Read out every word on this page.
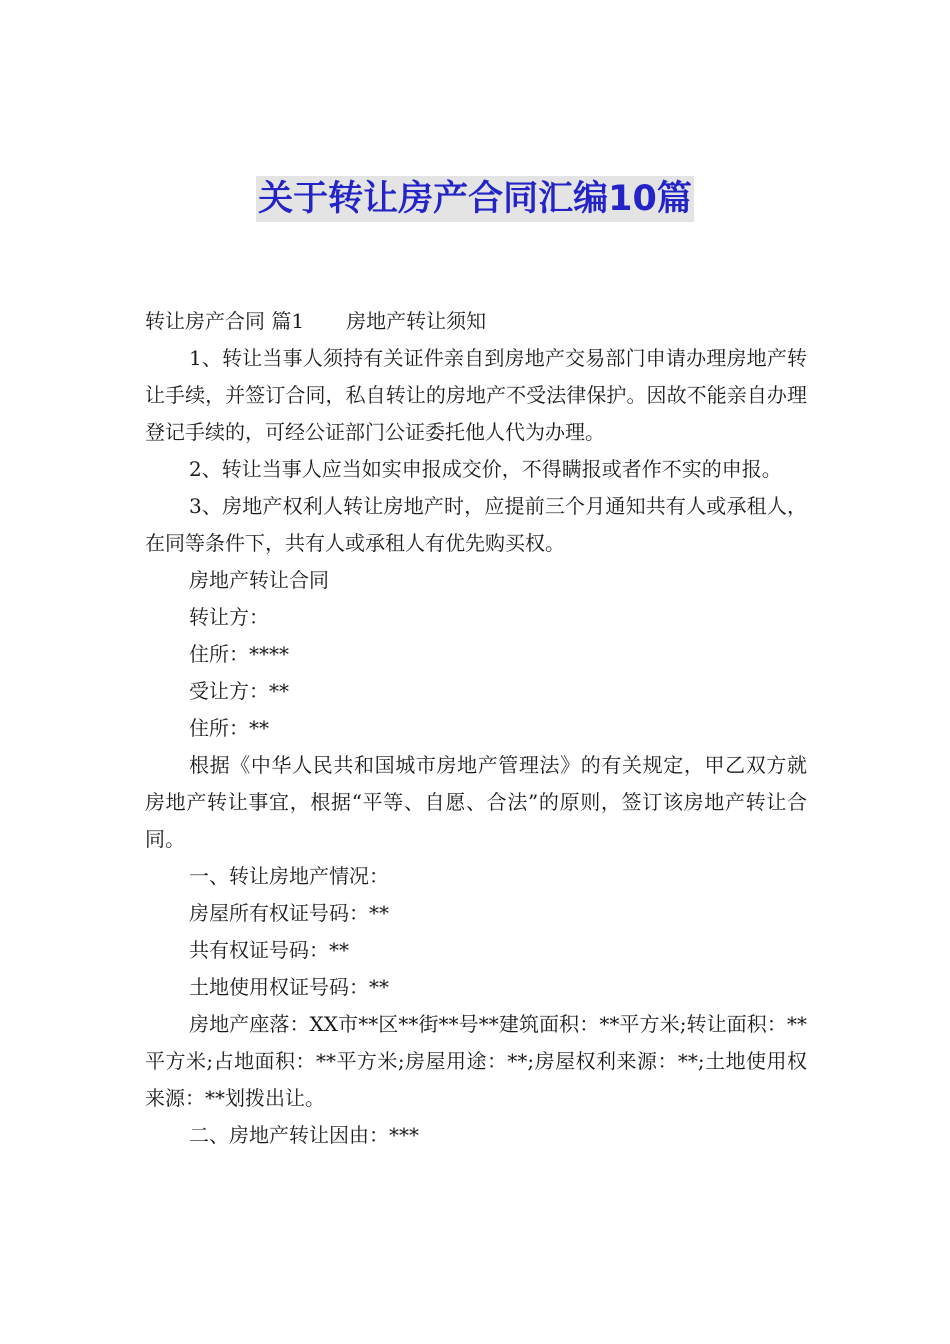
关于转让房产合同汇编10篇

转让房产合同 篇1 房地产转让须知

1、转让当事人须持有关证件亲自到房地产交易部门申请办理房地产转让手续，并签订合同，私自转让的房地产不受法律保护。因故不能亲自办理登记手续的，可经公证部门公证委托他人代为办理。

2、转让当事人应当如实申报成交价，不得瞒报或者作不实的申报。

3、房地产权利人转让房地产时，应提前三个月通知共有人或承租人，在同等条件下，共有人或承租人有优先购买权。

房地产转让合同

转让方：

住所：****

受让方：**

住所：**

根据《中华人民共和国城市房地产管理法》的有关规定，甲乙双方就房地产转让事宜，根据“平等、自愿、合法”的原则，签订该房地产转让合同。

一、转让房地产情况：

房屋所有权证号码：**

共有权证号码：**

土地使用权证号码：**

房地产座落：XX市**区**街**号**建筑面积：**平方米;转让面积：**平方米;占地面积：**平方米;房屋用途：**;房屋权利来源：**;土地使用权来源：**划拨出让。

二、房地产转让因由：***
